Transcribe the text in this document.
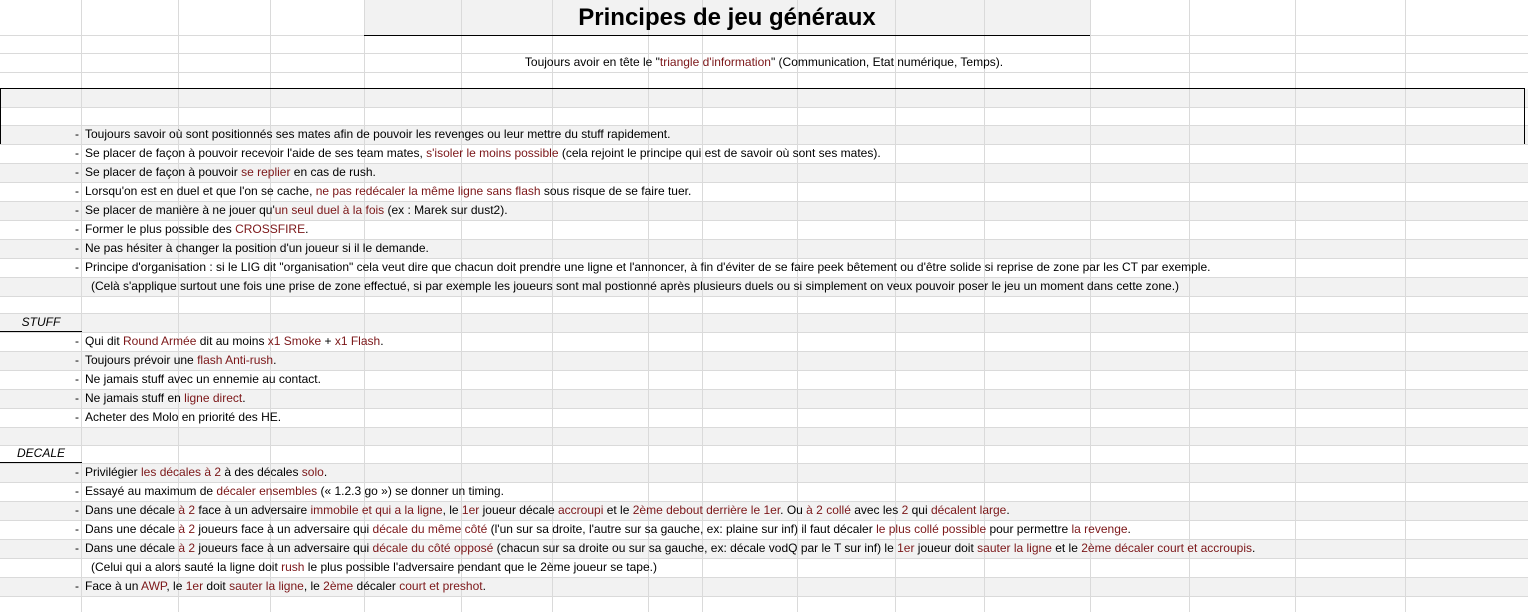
Principes de jeu généraux
Toujours avoir en tête le "triangle d'information" (Communication, Etat numérique, Temps).
- Toujours savoir où sont positionnés ses mates afin de pouvoir les revenges ou leur mettre du stuff rapidement.
- Se placer de façon à pouvoir recevoir l'aide de ses team mates, s'isoler le moins possible (cela rejoint le principe qui est de savoir où sont ses mates).
- Se placer de façon à pouvoir se replier en cas de rush.
- Lorsqu'on est en duel et que l'on se cache, ne pas redécaler la même ligne sans flash sous risque de se faire tuer.
- Se placer de manière à ne jouer qu'un seul duel à la fois (ex : Marek sur dust2).
- Former le plus possible des CROSSFIRE.
- Ne pas hésiter à changer la position d'un joueur si il le demande.
- Principe d'organisation : si le LIG dit "organisation" cela veut dire que chacun doit prendre une ligne et l'annoncer, à fin d'éviter de se faire peek bêtement ou d'être solide si reprise de zone par les CT par exemple.
(Celà s'applique surtout une fois une prise de zone effectué, si par exemple les joueurs sont mal postionné après plusieurs duels ou si simplement on veux pouvoir poser le jeu un moment dans cette zone.)
STUFF
- Qui dit Round Armée dit au moins x1 Smoke + x1 Flash.
- Toujours prévoir une flash Anti-rush.
- Ne jamais stuff avec un ennemie au contact.
- Ne jamais stuff en ligne direct.
- Acheter des Molo en priorité des HE.
DECALE
- Privilégier les décales à 2 à des décales solo.
- Essayé au maximum de décaler ensembles (« 1.2.3 go ») se donner un timing.
- Dans une décale à 2 face à un adversaire immobile et qui a la ligne, le 1er joueur décale accroupi et le 2ème debout derrière le 1er. Ou à 2 collé avec les 2 qui décalent large.
- Dans une décale à 2 joueurs face à un adversaire qui décale du même côté (l'un sur sa droite, l'autre sur sa gauche, ex: plaine sur inf) il faut décaler le plus collé possible pour permettre la revenge.
- Dans une décale à 2 joueurs face à un adversaire qui décale du côté opposé (chacun sur sa droite ou sur sa gauche, ex: décale vodQ par le T sur inf) le 1er joueur doit sauter la ligne et le 2ème décaler court et accroupis.
(Celui qui a alors sauté la ligne doit rush le plus possible l'adversaire pendant que le 2ème joueur se tape.)
- Face à un AWP, le 1er doit sauter la ligne, le 2ème décaler court et preshot.
